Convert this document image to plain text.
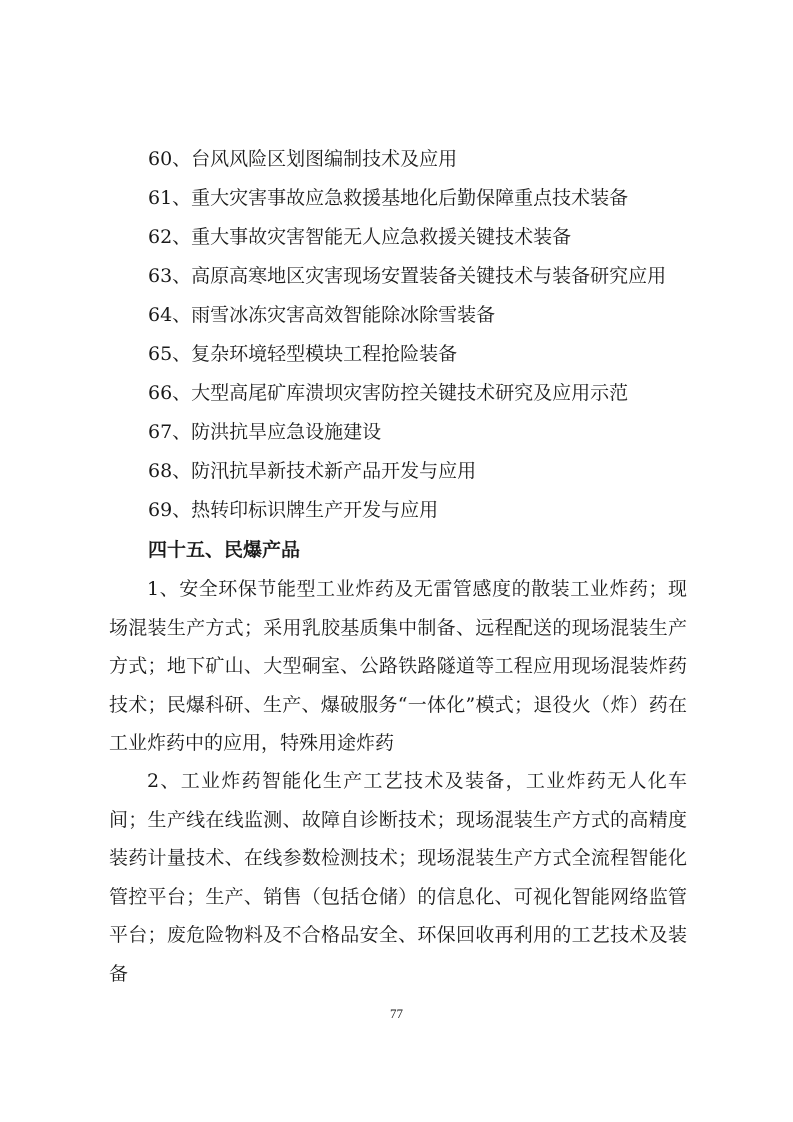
60、台风风险区划图编制技术及应用
61、重大灾害事故应急救援基地化后勤保障重点技术装备
62、重大事故灾害智能无人应急救援关键技术装备
63、高原高寒地区灾害现场安置装备关键技术与装备研究应用
64、雨雪冰冻灾害高效智能除冰除雪装备
65、复杂环境轻型模块工程抢险装备
66、大型高尾矿库溃坝灾害防控关键技术研究及应用示范
67、防洪抗旱应急设施建设
68、防汛抗旱新技术新产品开发与应用
69、热转印标识牌生产开发与应用
四十五、民爆产品
1、安全环保节能型工业炸药及无雷管感度的散装工业炸药；现场混装生产方式；采用乳胶基质集中制备、远程配送的现场混装生产方式；地下矿山、大型硐室、公路铁路隧道等工程应用现场混装炸药技术；民爆科研、生产、爆破服务“一体化”模式；退役火（炸）药在工业炸药中的应用，特殊用途炸药
2、工业炸药智能化生产工艺技术及装备，工业炸药无人化车间；生产线在线监测、故障自诊断技术；现场混装生产方式的高精度装药计量技术、在线参数检测技术；现场混装生产方式全流程智能化管控平台；生产、销售（包括仓储）的信息化、可视化智能网络监管平台；废危险物料及不合格品安全、环保回收再利用的工艺技术及装备
77
